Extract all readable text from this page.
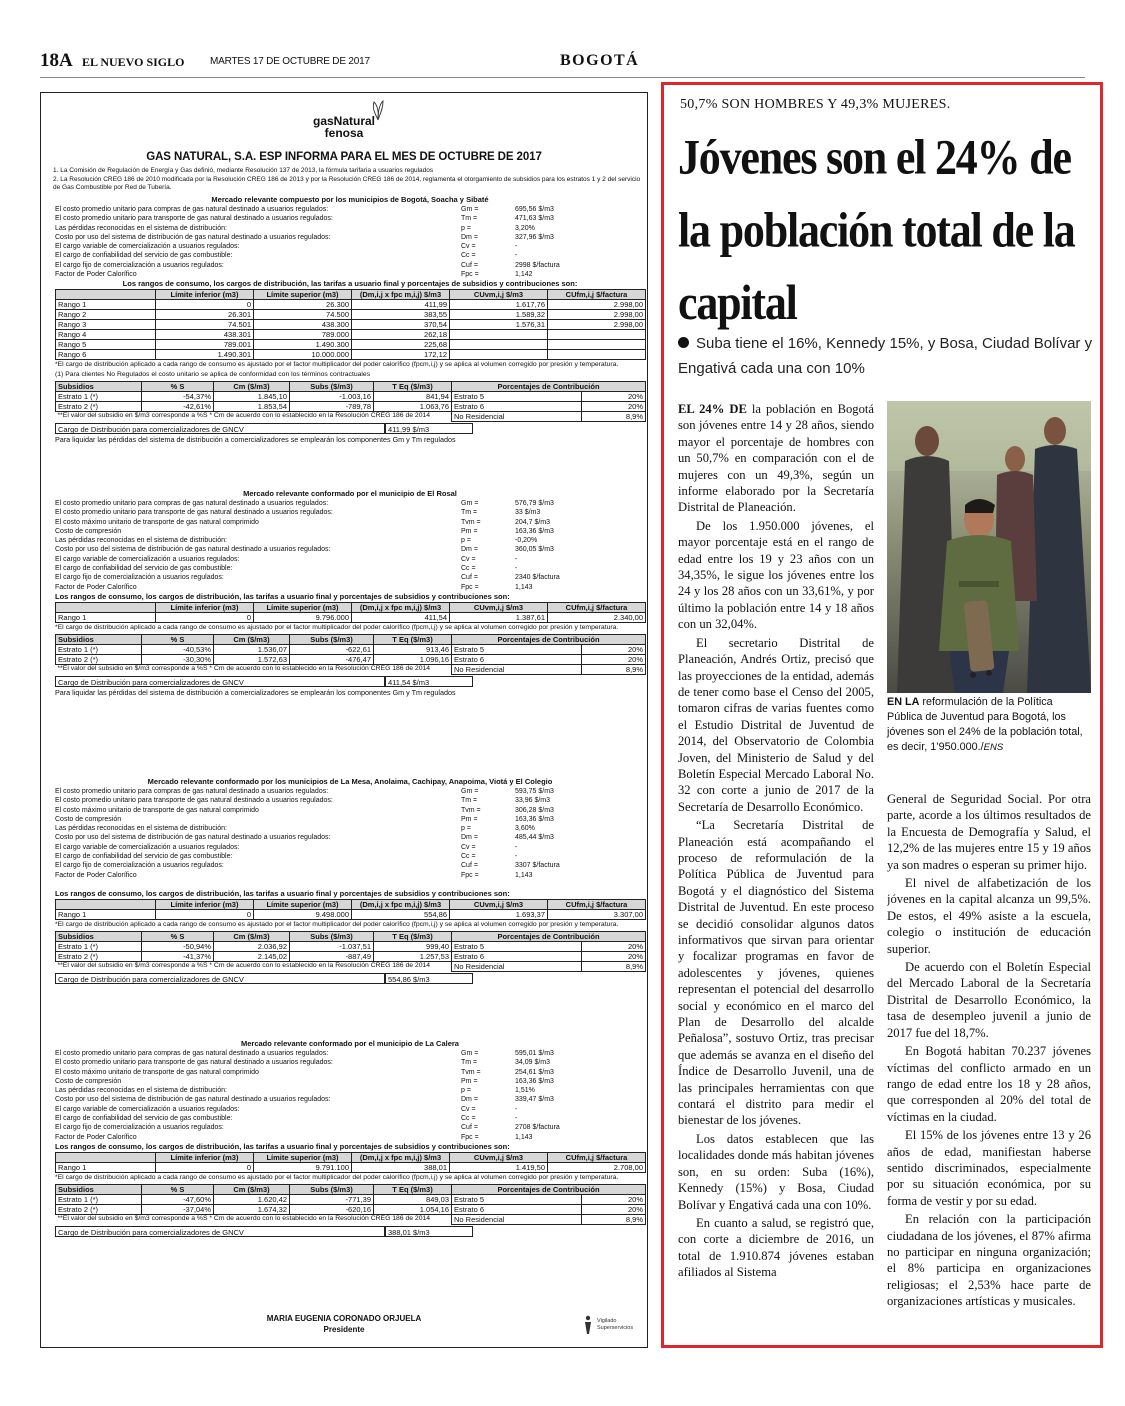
18A EL NUEVO SIGLO	MARTES 17 DE OCTUBRE DE 2017	BOGOTÁ
gasNatural
fenosa
GAS NATURAL, S.A. ESP INFORMA PARA EL MES DE OCTUBRE DE 2017
1. La Comisión de Regulación de Energía y Gas definió, mediante Resolución 137 de 2013, la fórmula tarifaria a usuarios regulados
2. La Resolución CREG 186 de 2010 modificada por la Resolución CREG 186 de 2013 y por la Resolución CREG 186 de 2014, reglamenta el otorgamiento de subsidios para los estratos 1 y 2 del servicio de Gas Combustible por Red de Tubería.
Mercado relevante compuesto por los municipios de Bogotá, Soacha y Sibaté
El costo promedio unitario para compras de gas natural destinado a usuarios regulados:	Gm =	695,56 $/m3
El costo promedio unitario para transporte de gas natural destinado a usuarios regulados:	Tm =	471,63 $/m3
Las pérdidas reconocidas en el sistema de distribución:	p =	3,20%
Costo por uso del sistema de distribución de gas natural destinado a usuarios regulados:	Dm =	327,96 $/m3
El cargo variable de comercialización a usuarios regulados:	Cv =	-
El cargo de confiabilidad del servicio de gas combustible:	Cc =	-
El cargo fijo de comercialización a usuarios regulados:	Cuf =	2998 $/factura
Factor de Poder Calorífico	Fpc =	1,142
Los rangos de consumo, los cargos de distribución, las tarifas a usuario final y porcentajes de subsidios y contribuciones son:
	Límite inferior (m3)	Límite superior (m3)	(Dm,i,j x fpc m,i,j) $/m3	CUvm,i,j $/m3	CUfm,i,j $/factura
Rango 1	0	26.300	411,99	1.617,76	2.998,00
Rango 2	26.301	74.500	383,55	1.589,32	2.998,00
Rango 3	74.501	438.300	370,54	1.576,31	2.998,00
Rango 4	438.301	789.000	262,18		
Rango 5	789.001	1.490.300	225,68		
Rango 6	1.490.301	10.000.000	172,12		
*El cargo de distribución aplicado a cada rango de consumo es ajustado por el factor multiplicador del poder calorífico (fpcm,i,j) y se aplica al volumen corregido por presión y temperatura.
(1) Para clientes No Regulados el costo unitario se aplica de conformidad con los términos contractuales
Subsidios	% S	Cm ($/m3)	Subs ($/m3)	T Eq ($/m3)	Porcentajes de Contribución	
Estrato 1 (*)	-54,37%	1.845,10	-1.003,16	841,94	Estrato 5	20%
Estrato 2 (*)	-42,61%	1.853,54	-789,78	1.063,76	Estrato 6	20%
**El valor del subsidio en $/m3 corresponde a %S * Cm de acuerdo con lo establecido en la Resolución CREG 186 de 2014					No Residencial	8,9%
Cargo de Distribución para comercializadores de GNCV	411,99 $/m3
Para liquidar las pérdidas del sistema de distribución a comercializadores se emplearán los componentes Gm y Tm regulados
Mercado relevante conformado por el municipio de El Rosal
El costo promedio unitario para compras de gas natural destinado a usuarios regulados:	Gm =	576,79 $/m3
El costo promedio unitario para transporte de gas natural destinado a usuarios regulados:	Tm =	33 $/m3
El costo máximo unitario de transporte de gas natural comprimido	Tvm =	204,7 $/m3
Costo de compresión	Pm =	163,36 $/m3
Las pérdidas reconocidas en el sistema de distribución:	p =	-0,20%
Costo por uso del sistema de distribución de gas natural destinado a usuarios regulados:	Dm =	360,05 $/m3
El cargo variable de comercialización a usuarios regulados:	Cv =	-
El cargo de confiabilidad del servicio de gas combustible:	Cc =	-
El cargo fijo de comercialización a usuarios regulados:	Cuf =	2340 $/factura
Factor de Poder Calorífico	Fpc =	1,143
Los rangos de consumo, los cargos de distribución, las tarifas a usuario final y porcentajes de subsidios y contribuciones son:
	Límite inferior (m3)	Límite superior (m3)	(Dm,i,j x fpc m,i,j) $/m3	CUvm,i,j $/m3	CUfm,i,j $/factura
Rango 1	0	9.796.000	411,54	1.387,61	2.340,00
*El cargo de distribución aplicado a cada rango de consumo es ajustado por el factor multiplicador del poder calorífico (fpcm,i,j) y se aplica al volumen corregido por presión y temperatura.
Subsidios	% S	Cm ($/m3)	Subs ($/m3)	T Eq ($/m3)	Porcentajes de Contribución	
Estrato 1 (*)	-40,53%	1.536,07	-622,61	913,46	Estrato 5	20%
Estrato 2 (*)	-30,30%	1.572,63	-476,47	1.096,16	Estrato 6	20%
**El valor del subsidio en $/m3 corresponde a %S * Cm de acuerdo con lo establecido en la Resolución CREG 186 de 2014					No Residencial	8,9%
Cargo de Distribución para comercializadores de GNCV	411,54 $/m3
Para liquidar las pérdidas del sistema de distribución a comercializadores se emplearán los componentes Gm y Tm regulados
Mercado relevante conformado por los municipios de La Mesa, Anolaima, Cachipay, Anapoima, Viotá y El Colegio
El costo promedio unitario para compras de gas natural destinado a usuarios regulados:	Gm =	593,75 $/m3
El costo promedio unitario para transporte de gas natural destinado a usuarios regulados:	Tm =	33,96 $/m3
El costo máximo unitario de transporte de gas natural comprimido	Tvm =	306,28 $/m3
Costo de compresión	Pm =	163,36 $/m3
Las pérdidas reconocidas en el sistema de distribución:	p =	3,60%
Costo por uso del sistema de distribución de gas natural destinado a usuarios regulados:	Dm =	485,44 $/m3
El cargo variable de comercialización a usuarios regulados:	Cv =	-
El cargo de confiabilidad del servicio de gas combustible:	Cc =	-
El cargo fijo de comercialización a usuarios regulados:	Cuf =	3307 $/factura
Factor de Poder Calorífico	Fpc =	1,143
Los rangos de consumo, los cargos de distribución, las tarifas a usuario final y porcentajes de subsidios y contribuciones son:
	Límite inferior (m3)	Límite superior (m3)	(Dm,i,j x fpc m,i,j) $/m3	CUvm,i,j $/m3	CUfm,i,j $/factura
Rango 1	0	9.498.000	554,86	1.693,37	3.307,00
*El cargo de distribución aplicado a cada rango de consumo es ajustado por el factor multiplicador del poder calorífico (fpcm,i,j) y se aplica al volumen corregido por presión y temperatura.
Subsidios	% S	Cm ($/m3)	Subs ($/m3)	T Eq ($/m3)	Porcentajes de Contribución	
Estrato 1 (*)	-50,94%	2.036,92	-1.037,51	999,40	Estrato 5	20%
Estrato 2 (*)	-41,37%	2.145,02	-887,49	1.257,53	Estrato 6	20%
**El valor del subsidio en $/m3 corresponde a %S * Cm de acuerdo con lo establecido en la Resolución CREG 186 de 2014					No Residencial	8,9%
Cargo de Distribución para comercializadores de GNCV	554,86 $/m3
Mercado relevante conformado por el municipio de La Calera
El costo promedio unitario para compras de gas natural destinado a usuarios regulados:	Gm =	595,01 $/m3
El costo promedio unitario para transporte de gas natural destinado a usuarios regulados:	Tm =	34,09 $/m3
El costo máximo unitario de transporte de gas natural comprimido	Tvm =	254,61 $/m3
Costo de compresión	Pm =	163,36 $/m3
Las pérdidas reconocidas en el sistema de distribución:	p =	1,51%
Costo por uso del sistema de distribución de gas natural destinado a usuarios regulados:	Dm =	339,47 $/m3
El cargo variable de comercialización a usuarios regulados:	Cv =	-
El cargo de confiabilidad del servicio de gas combustible:	Cc =	-
El cargo fijo de comercialización a usuarios regulados:	Cuf =	2708 $/factura
Factor de Poder Calorífico	Fpc =	1,143
Los rangos de consumo, los cargos de distribución, las tarifas a usuario final y porcentajes de subsidios y contribuciones son:
	Límite inferior (m3)	Límite superior (m3)	(Dm,i,j x fpc m,i,j) $/m3	CUvm,i,j $/m3	CUfm,i,j $/factura
Rango 1	0	9.791.100	388,01	1.419,50	2.708,00
*El cargo de distribución aplicado a cada rango de consumo es ajustado por el factor multiplicador del poder calorífico (fpcm,i,j) y se aplica al volumen corregido por presión y temperatura.
Subsidios	% S	Cm ($/m3)	Subs ($/m3)	T Eq ($/m3)	Porcentajes de Contribución	
Estrato 1 (*)	-47,60%	1.620,42	-771,39	849,03	Estrato 5	20%
Estrato 2 (*)	-37,04%	1.674,32	-620,16	1.054,16	Estrato 6	20%
**El valor del subsidio en $/m3 corresponde a %S * Cm de acuerdo con lo establecido en la Resolución CREG 186 de 2014					No Residencial	8,9%
Cargo de Distribución para comercializadores de GNCV	388,01 $/m3
MARIA EUGENIA CORONADO ORJUELA
Presidente
Vigilado
Superservicios
50,7% SON HOMBRES Y 49,3% MUJERES.
Jóvenes son el 24% de la población total de la capital
Suba tiene el 16%, Kennedy 15%, y Bosa, Ciudad Bolívar y Engativá cada una con 10%

EL 24% DE la población en Bogotá son jóvenes entre 14 y 28 años, siendo mayor el porcentaje de hombres con un 50,7% en comparación con el de mujeres con un 49,3%, según un informe elaborado por la Secretaría Distrital de Planeación.

De los 1.950.000 jóvenes, el mayor porcentaje está en el rango de edad entre los 19 y 23 años con un 34,35%, le sigue los jóvenes entre los 24 y los 28 años con un 33,61%, y por último la población entre 14 y 18 años con un 32,04%.

El secretario Distrital de Planeación, Andrés Ortiz, precisó que las proyecciones de la entidad, además de tener como base el Censo del 2005, tomaron cifras de varias fuentes como el Estudio Distrital de Juventud de 2014, del Observatorio de Colombia Joven, del Ministerio de Salud y del Boletín Especial Mercado Laboral No. 32 con corte a junio de 2017 de la Secretaría de Desarrollo Económico.

“La Secretaría Distrital de Planeación está acompañando el proceso de reformulación de la Política Pública de Juventud para Bogotá y el diagnóstico del Sistema Distrital de Juventud. En este proceso se decidió consolidar algunos datos informativos que sirvan para orientar y focalizar programas en favor de adolescentes y jóvenes, quienes representan el potencial del desarrollo social y económico en el marco del Plan de Desarrollo del alcalde Peñalosa”, sostuvo Ortiz, tras precisar que además se avanza en el diseño del Índice de Desarrollo Juvenil, una de las principales herramientas con que contará el distrito para medir el bienestar de los jóvenes.

Los datos establecen que las localidades donde más habitan jóvenes son, en su orden: Suba (16%), Kennedy (15%) y Bosa, Ciudad Bolívar y Engativá cada una con 10%.

En cuanto a salud, se registró que, con corte a diciembre de 2016, un total de 1.910.874 jóvenes estaban afiliados al Sistema

EN LA reformulación de la Política Pública de Juventud para Bogotá, los jóvenes son el 24% de la población total, es decir, 1’950.000./ENS

General de Seguridad Social. Por otra parte, acorde a los últimos resultados de la Encuesta de Demografía y Salud, el 12,2% de las mujeres entre 15 y 19 años ya son madres o esperan su primer hijo.

El nivel de alfabetización de los jóvenes en la capital alcanza un 99,5%. De estos, el 49% asiste a la escuela, colegio o institución de educación superior.

De acuerdo con el Boletín Especial del Mercado Laboral de la Secretaría Distrital de Desarrollo Económico, la tasa de desempleo juvenil a junio de 2017 fue del 18,7%.

En Bogotá habitan 70.237 jóvenes víctimas del conflicto armado en un rango de edad entre los 18 y 28 años, que corresponden al 20% del total de víctimas en la ciudad.

El 15% de los jóvenes entre 13 y 26 años de edad, manifiestan haberse sentido discriminados, especialmente por su situación económica, por su forma de vestir y por su edad.

En relación con la participación ciudadana de los jóvenes, el 87% afirma no participar en ninguna organización; el 8% participa en organizaciones religiosas; el 2,53% hace parte de organizaciones artísticas y musicales.
